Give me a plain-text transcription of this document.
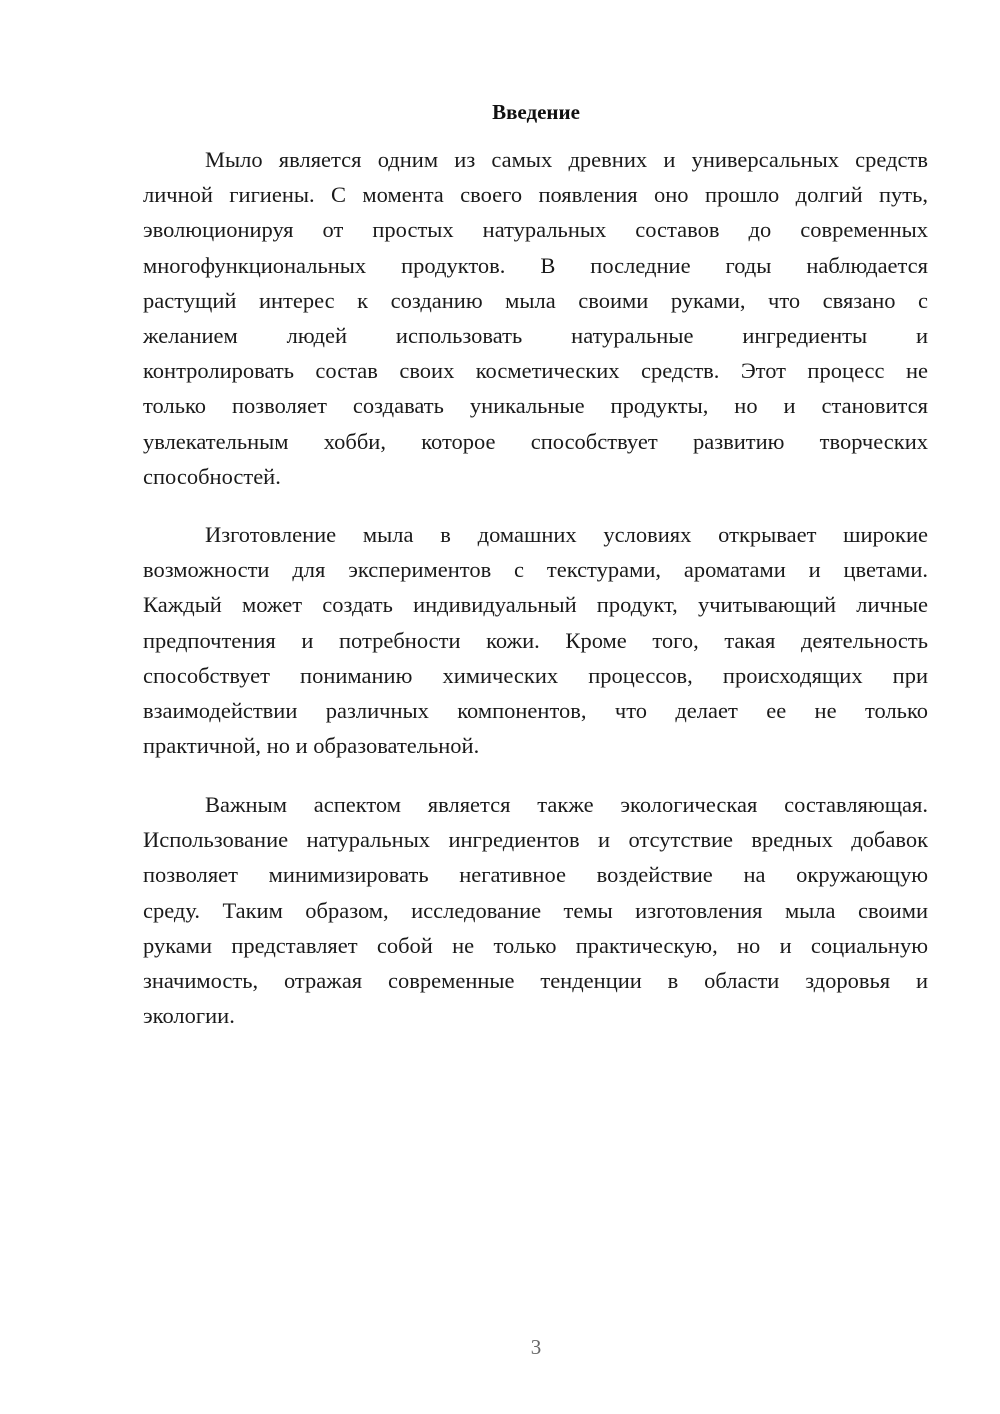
Введение
Мыло является одним из самых древних и универсальных средств
личной гигиены. С момента своего появления оно прошло долгий путь,
эволюционируя от простых натуральных составов до современных
многофункциональных продуктов. В последние годы наблюдается
растущий интерес к созданию мыла своими руками, что связано с
желанием людей использовать натуральные ингредиенты и
контролировать состав своих косметических средств. Этот процесс не
только позволяет создавать уникальные продукты, но и становится
увлекательным хобби, которое способствует развитию творческих
способностей.
Изготовление мыла в домашних условиях открывает широкие
возможности для экспериментов с текстурами, ароматами и цветами.
Каждый может создать индивидуальный продукт, учитывающий личные
предпочтения и потребности кожи. Кроме того, такая деятельность
способствует пониманию химических процессов, происходящих при
взаимодействии различных компонентов, что делает ее не только
практичной, но и образовательной.
Важным аспектом является также экологическая составляющая.
Использование натуральных ингредиентов и отсутствие вредных добавок
позволяет минимизировать негативное воздействие на окружающую
среду. Таким образом, исследование темы изготовления мыла своими
руками представляет собой не только практическую, но и социальную
значимость, отражая современные тенденции в области здоровья и
экологии.
3
